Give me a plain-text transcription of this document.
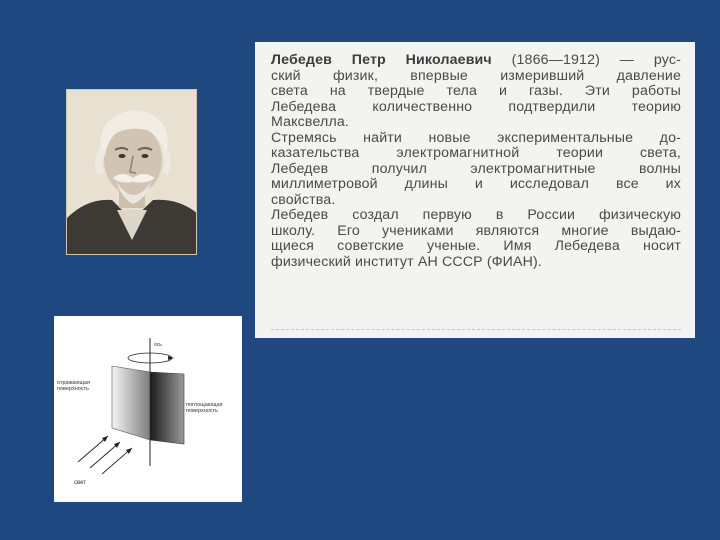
ось
отражающая поверхность
поглощающая поверхность
свет
Лебедев Петр Николаевич (1866—1912) — рус-
ский физик, впервые измеривший давление
света на твердые тела и газы. Эти работы
Лебедева количественно подтвердили теорию
Максвелла.
Стремясь найти новые экспериментальные до-
казательства электромагнитной теории света,
Лебедев получил электромагнитные волны
миллиметровой длины и исследовал все их
свойства.
Лебедев создал первую в России физическую
школу. Его учениками являются многие выдаю-
щиеся советские ученые. Имя Лебедева носит
физический институт АН СССР (ФИАН).
